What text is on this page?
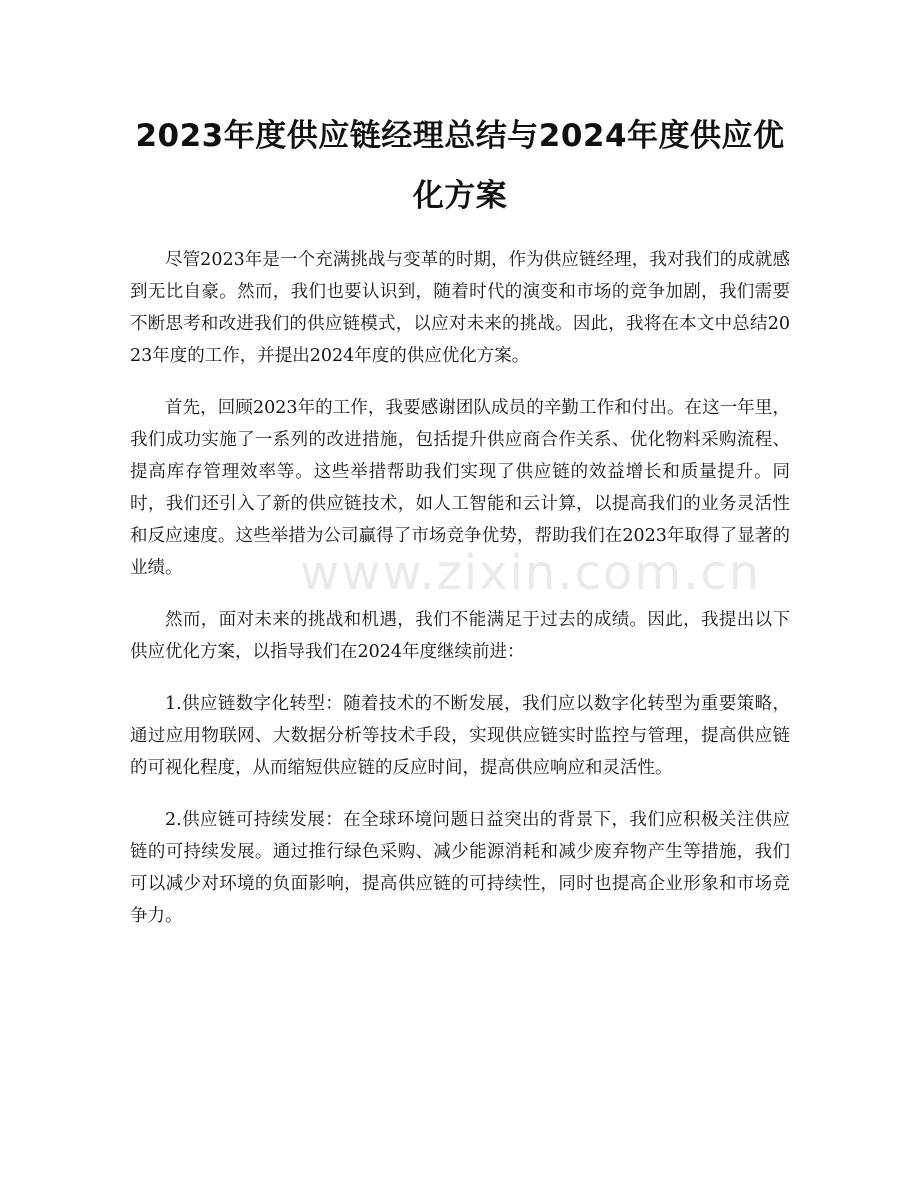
2023年度供应链经理总结与2024年度供应优化方案

尽管2023年是一个充满挑战与变革的时期，作为供应链经理，我对我们的成就感到无比自豪。然而，我们也要认识到，随着时代的演变和市场的竞争加剧，我们需要不断思考和改进我们的供应链模式，以应对未来的挑战。因此，我将在本文中总结2023年度的工作，并提出2024年度的供应优化方案。

首先，回顾2023年的工作，我要感谢团队成员的辛勤工作和付出。在这一年里，我们成功实施了一系列的改进措施，包括提升供应商合作关系、优化物料采购流程、提高库存管理效率等。这些举措帮助我们实现了供应链的效益增长和质量提升。同时，我们还引入了新的供应链技术，如人工智能和云计算，以提高我们的业务灵活性和反应速度。这些举措为公司赢得了市场竞争优势，帮助我们在2023年取得了显著的业绩。

然而，面对未来的挑战和机遇，我们不能满足于过去的成绩。因此，我提出以下供应优化方案，以指导我们在2024年度继续前进：

1.供应链数字化转型：随着技术的不断发展，我们应以数字化转型为重要策略，通过应用物联网、大数据分析等技术手段，实现供应链实时监控与管理，提高供应链的可视化程度，从而缩短供应链的反应时间，提高供应响应和灵活性。

2.供应链可持续发展：在全球环境问题日益突出的背景下，我们应积极关注供应链的可持续发展。通过推行绿色采购、减少能源消耗和减少废弃物产生等措施，我们可以减少对环境的负面影响，提高供应链的可持续性，同时也提高企业形象和市场竞争力。

www.zixin.com.cn
